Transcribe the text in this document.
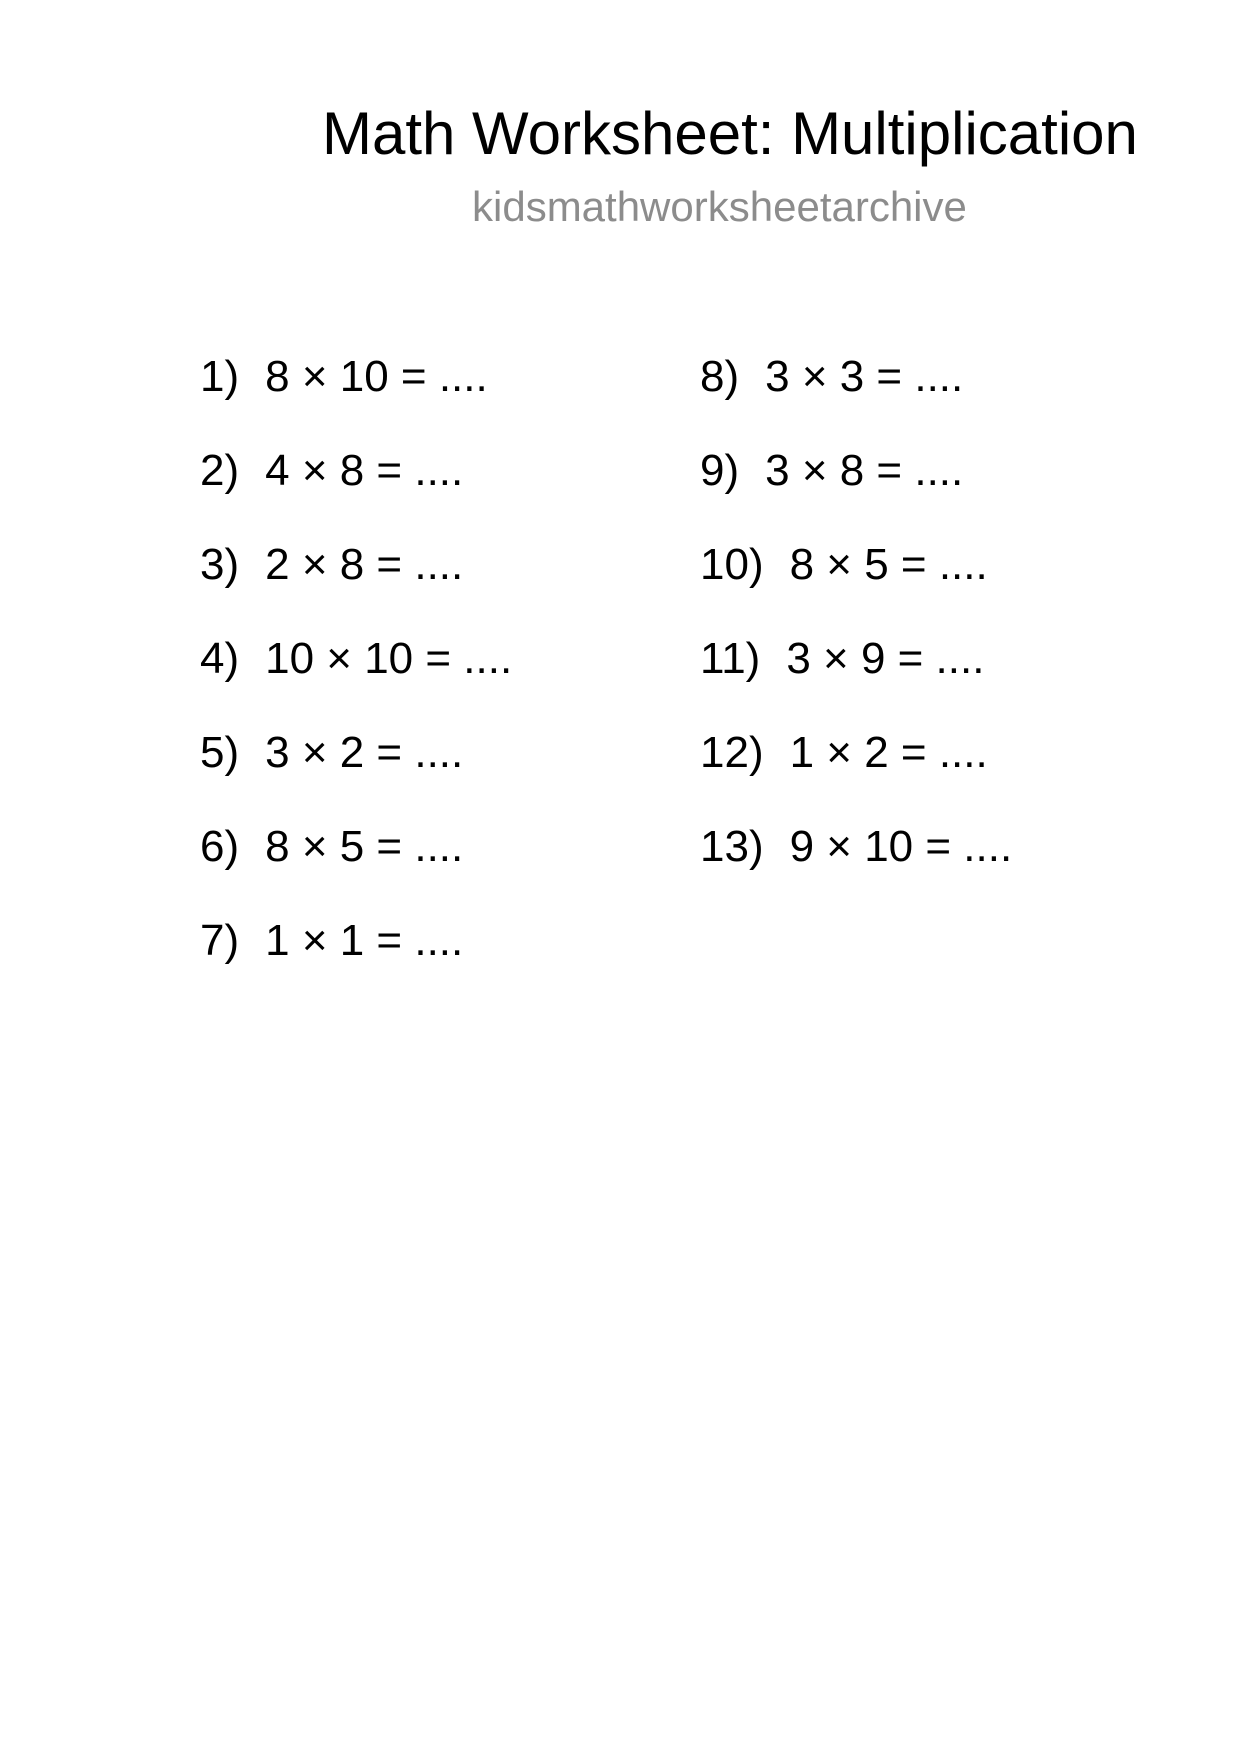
Math Worksheet: Multiplication
kidsmathworksheetarchive
1) 8 × 10 = ....
2) 4 × 8 = ....
3) 2 × 8 = ....
4) 10 × 10 = ....
5) 3 × 2 = ....
6) 8 × 5 = ....
7) 1 × 1 = ....
8) 3 × 3 = ....
9) 3 × 8 = ....
10) 8 × 5 = ....
11) 3 × 9 = ....
12) 1 × 2 = ....
13) 9 × 10 = ....
